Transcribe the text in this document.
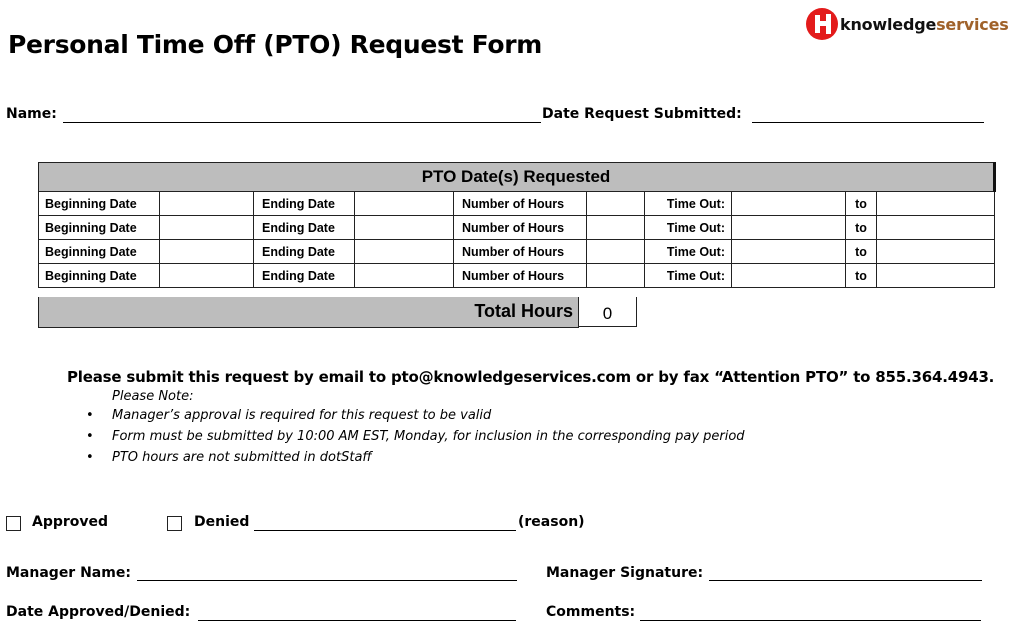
knowledgeservices
Personal Time Off (PTO) Request Form
Name:	Date Request Submitted:
PTO Date(s) Requested									
Beginning Date		Ending Date		Number of Hours		Time Out:		to	
Beginning Date		Ending Date		Number of Hours		Time Out:		to	
Beginning Date		Ending Date		Number of Hours		Time Out:		to	
Beginning Date		Ending Date		Number of Hours		Time Out:		to	
Total Hours	0
Please submit this request by email to pto@knowledgeservices.com or by fax “Attention PTO” to 855.364.4943.
Please Note:
•	Manager’s approval is required for this request to be valid
•	Form must be submitted by 10:00 AM EST, Monday, for inclusion in the corresponding pay period
•	PTO hours are not submitted in dotStaff
Approved	Denied	(reason)
Manager Name:	Manager Signature:
Date Approved/Denied:	Comments:
